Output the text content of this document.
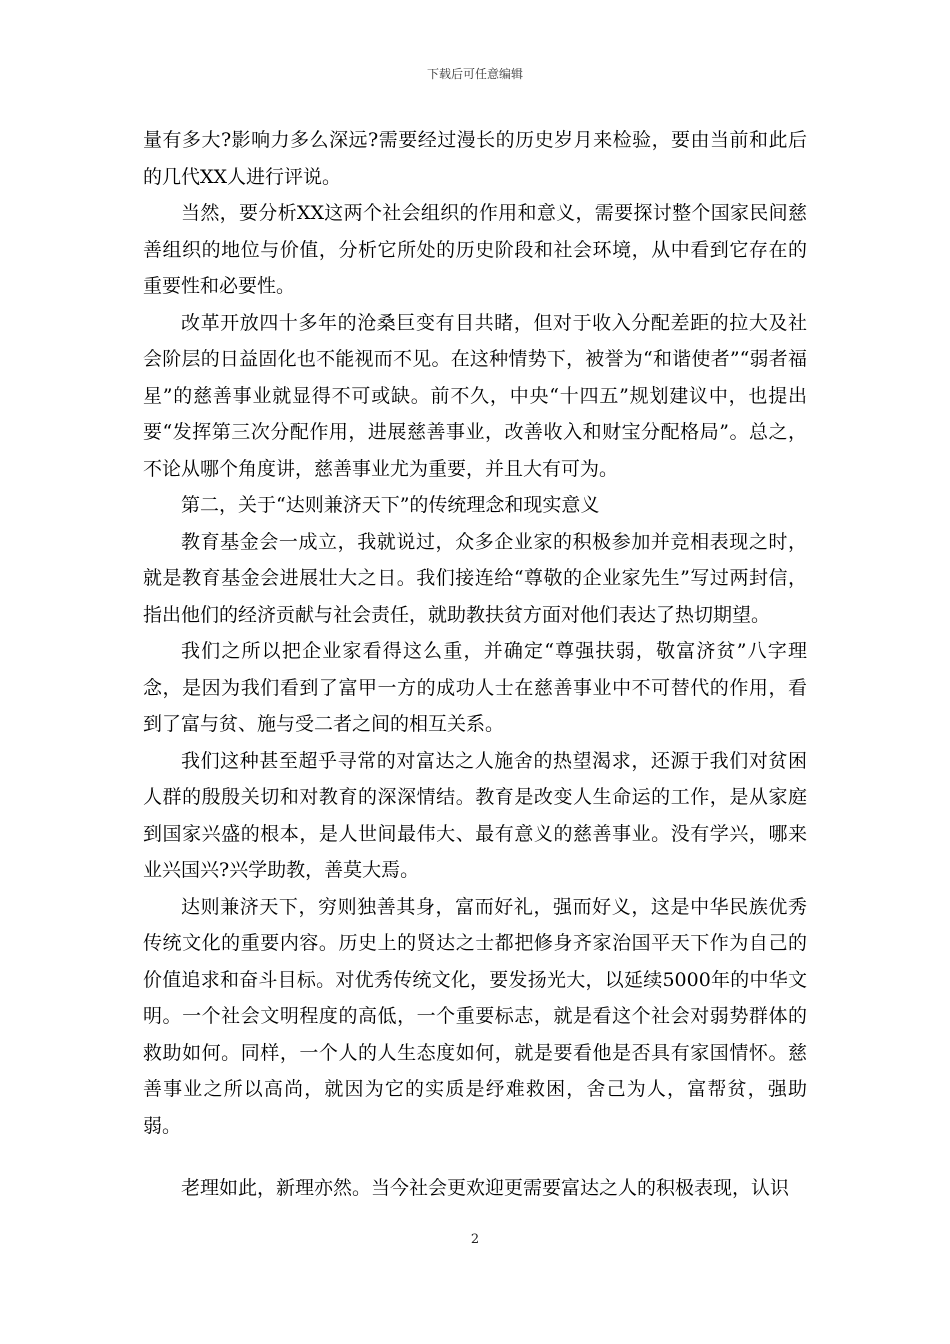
下载后可任意编辑

量有多大?影响力多么深远?需要经过漫长的历史岁月来检验，要由当前和此后的几代XX人进行评说。

当然，要分析XX这两个社会组织的作用和意义，需要探讨整个国家民间慈善组织的地位与价值，分析它所处的历史阶段和社会环境，从中看到它存在的重要性和必要性。

改革开放四十多年的沧桑巨变有目共睹，但对于收入分配差距的拉大及社会阶层的日益固化也不能视而不见。在这种情势下，被誉为“和谐使者”“弱者福星”的慈善事业就显得不可或缺。前不久，中央“十四五”规划建议中，也提出要“发挥第三次分配作用，进展慈善事业，改善收入和财宝分配格局”。总之，不论从哪个角度讲，慈善事业尤为重要，并且大有可为。

第二，关于“达则兼济天下”的传统理念和现实意义

教育基金会一成立，我就说过，众多企业家的积极参加并竞相表现之时，就是教育基金会进展壮大之日。我们接连给“尊敬的企业家先生”写过两封信，指出他们的经济贡献与社会责任，就助教扶贫方面对他们表达了热切期望。

我们之所以把企业家看得这么重，并确定“尊强扶弱，敬富济贫”八字理念，是因为我们看到了富甲一方的成功人士在慈善事业中不可替代的作用，看到了富与贫、施与受二者之间的相互关系。

我们这种甚至超乎寻常的对富达之人施舍的热望渴求，还源于我们对贫困人群的殷殷关切和对教育的深深情结。教育是改变人生命运的工作，是从家庭到国家兴盛的根本，是人世间最伟大、最有意义的慈善事业。没有学兴，哪来业兴国兴?兴学助教，善莫大焉。

达则兼济天下，穷则独善其身，富而好礼，强而好义，这是中华民族优秀传统文化的重要内容。历史上的贤达之士都把修身齐家治国平天下作为自己的价值追求和奋斗目标。对优秀传统文化，要发扬光大，以延续5000年的中华文明。一个社会文明程度的高低，一个重要标志，就是看这个社会对弱势群体的救助如何。同样，一个人的人生态度如何，就是要看他是否具有家国情怀。慈善事业之所以高尚，就因为它的实质是纾难救困，舍己为人，富帮贫，强助弱。

老理如此，新理亦然。当今社会更欢迎更需要富达之人的积极表现，认识

2
